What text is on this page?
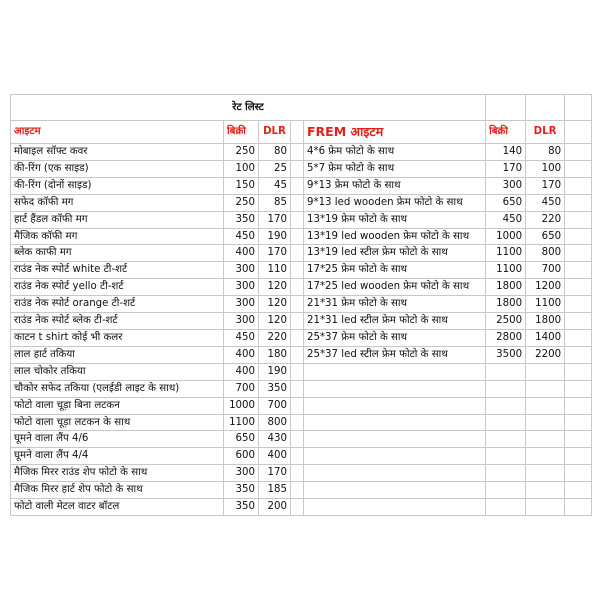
रेट लिस्ट							
आइटम	बिक्री	DLR		FREM आइटम	बिक्री	DLR	
मोबाइल सॉफ्ट कवर	250	80		4*6 फ्रेम फोटो के साथ	140	80	
की-रिंग (एक साइड)	100	25		5*7 फ्रेम फोटो के साथ	170	100	
की-रिंग (दोनों साइड)	150	45		9*13 फ्रेम फोटो के साथ	300	170	
सफेद कॉफी मग	250	85		9*13 led wooden फ्रेम फोटो के साथ	650	450	
हार्ट हैंडल कॉफी मग	350	170		13*19 फ्रेम फोटो के साथ	450	220	
मैजिक कॉफी मग	450	190		13*19 led wooden फ्रेम फोटो के साथ	1000	650	
ब्लेक काफी मग	400	170		13*19 led स्टील फ्रेम फोटो के साथ	1100	800	
राउंड नेक स्पोर्ट white टी-शर्ट	300	110		17*25 फ्रेम फोटो के साथ	1100	700	
राउंड नेक स्पोर्ट yello टी-शर्ट	300	120		17*25 led wooden फ्रेम फोटो के साथ	1800	1200	
राउंड नेक स्पोर्ट orange टी-शर्ट	300	120		21*31 फ्रेम फोटो के साथ	1800	1100	
राउंड नेक स्पोर्ट ब्लेक टी-शर्ट	300	120		21*31 led स्टील फ्रेम फोटो के साथ	2500	1800	
काटन t shirt कोई भी कलर	450	220		25*37 फ्रेम फोटो के साथ	2800	1400	
लाल हार्ट तकिया	400	180		25*37 led स्टील फ्रेम फोटो के साथ	3500	2200	
लाल चोकोर तकिया	400	190					
चौकोर सफेद तकिया (एलईडी लाइट के साथ)	700	350					
फोटो वाला चूड़ा बिना लटकन	1000	700					
फोटो वाला चूड़ा लटकन के साथ	1100	800					
घूमने वाला लैंप 4/6	650	430					
घूमने वाला लैंप 4/4	600	400					
मैजिक मिरर राउंड शेप फोटो के साथ	300	170					
मैजिक मिरर हार्ट शेप फोटो के साथ	350	185					
फोटो वाली मेटल वाटर बॉटल	350	200					
